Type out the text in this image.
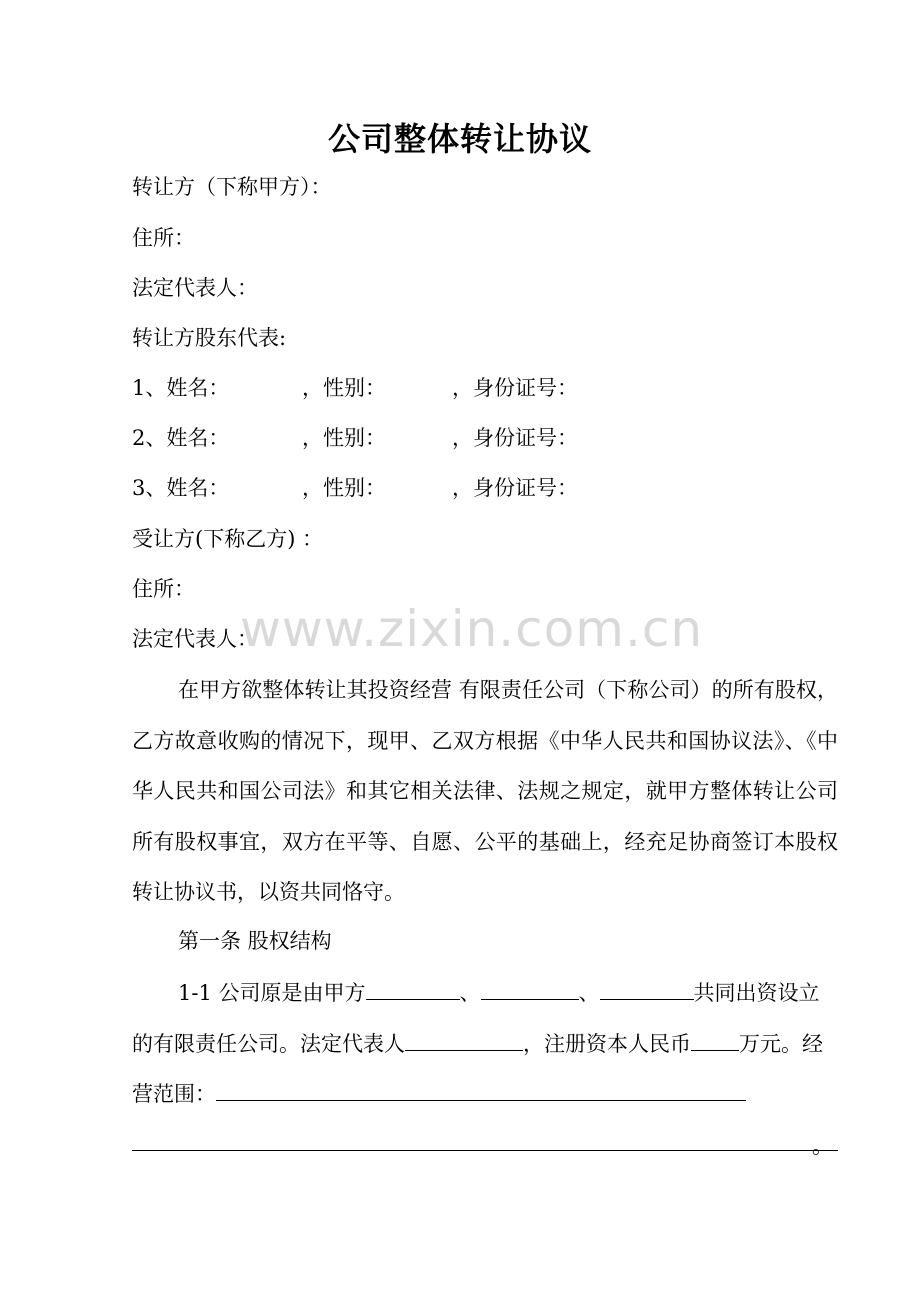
公司整体转让协议
转让方（下称甲方）：
住所：
法定代表人：
转让方股东代表:
1、姓名：	，性别：	，身份证号：
2、姓名：	，性别：	，身份证号：
3、姓名：	，性别：	，身份证号：
受让方(下称乙方) ：
住所：
法定代表人：
www.zixin.com.cn
在甲方欲整体转让其投资经营 有限责任公司（下称公司）的所有股权，乙方故意收购的情况下，现甲、乙双方根据《中华人民共和国协议法》、《中华人民共和国公司法》和其它相关法律、法规之规定，就甲方整体转让公司所有股权事宜，双方在平等、自愿、公平的基础上，经充足协商签订本股权转让协议书，以资共同恪守。
第一条 股权结构
1-1 公司原是由甲方	、	、	共同出资设立的有限责任公司。法定代表人	，注册资本人民币 万元。经营范围：
。
